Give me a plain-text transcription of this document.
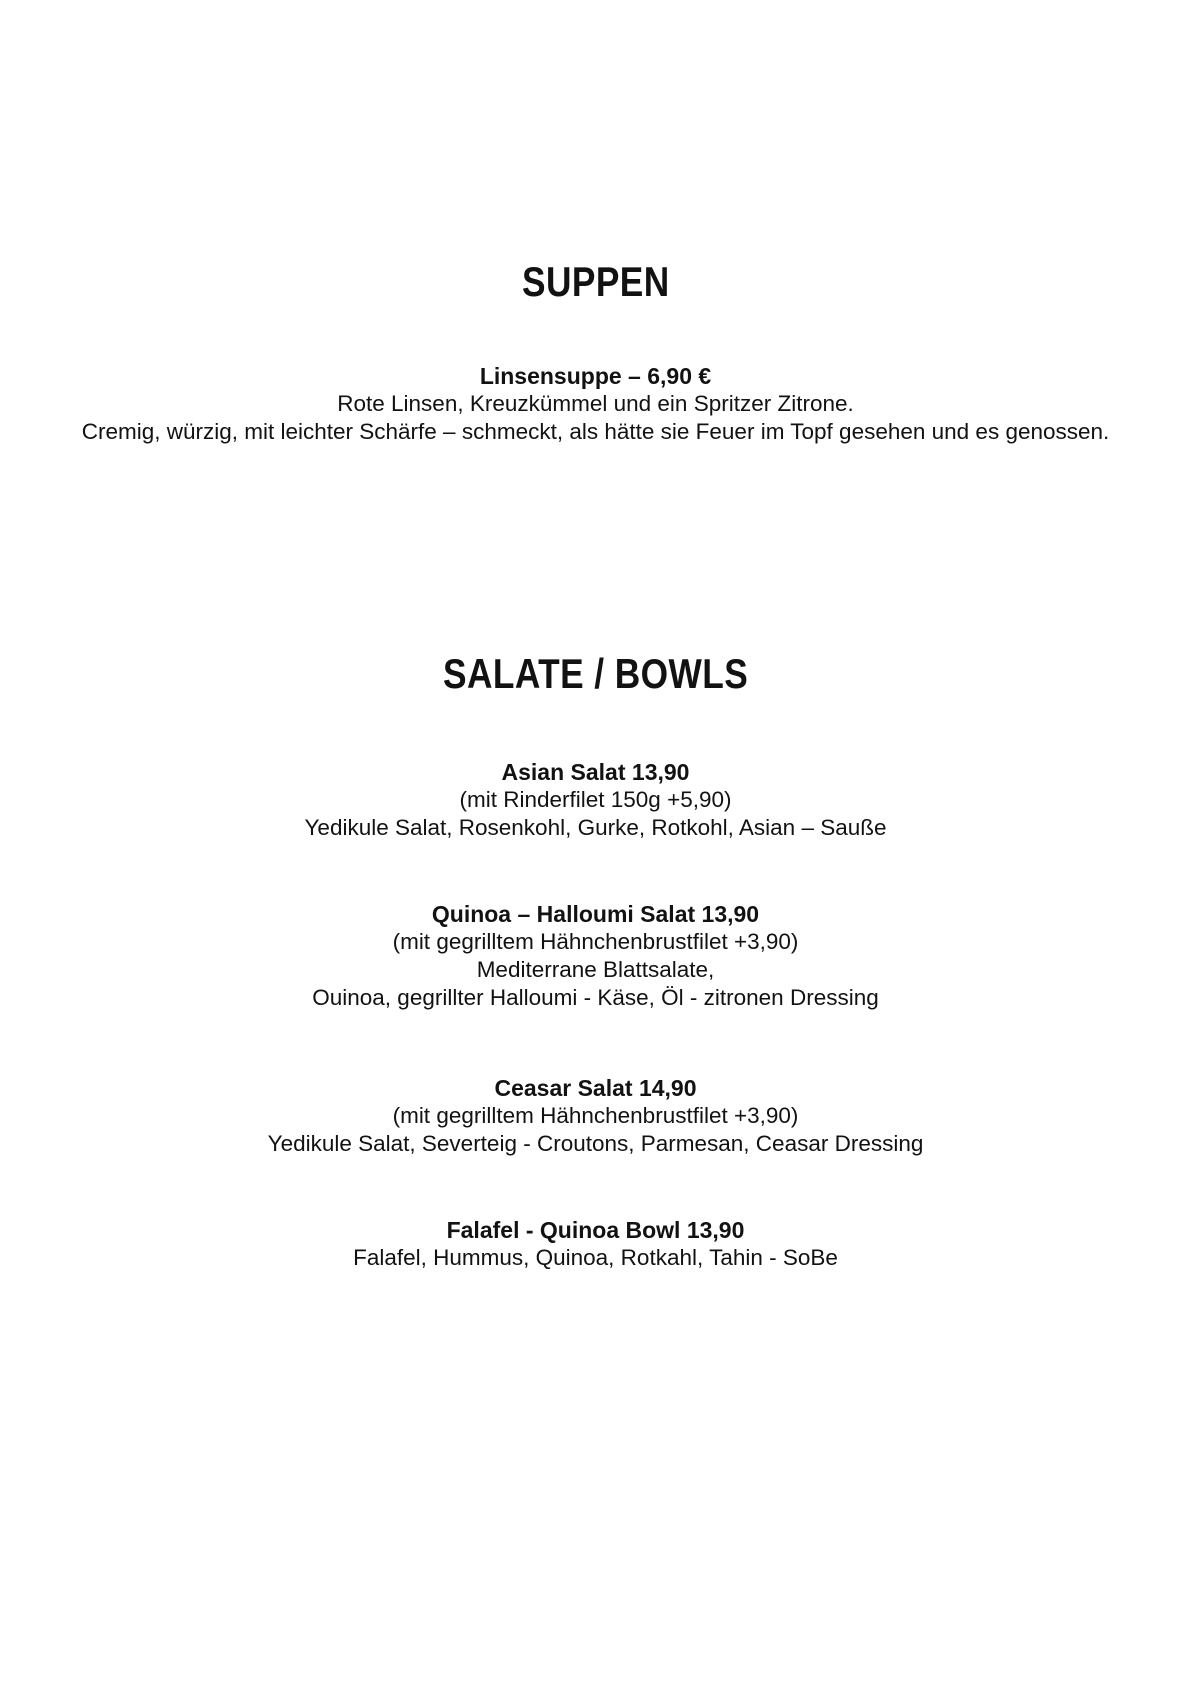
SUPPEN
Linsensuppe – 6,90 €

Rote Linsen, Kreuzkümmel und ein Spritzer Zitrone.

Cremig, würzig, mit leichter Schärfe – schmeckt, als hätte sie Feuer im Topf gesehen und es genossen.

SALATE / BOWLS
Asian Salat 13,90

(mit Rinderfilet 150g +5,90)

Yedikule Salat, Rosenkohl, Gurke, Rotkohl, Asian – Sauße

Quinoa – Halloumi Salat 13,90

(mit gegrilltem Hähnchenbrustfilet +3,90)

Mediterrane Blattsalate,

Ouinoa, gegrillter Halloumi - Käse, Öl - zitronen Dressing

Ceasar Salat 14,90

(mit gegrilltem Hähnchenbrustfilet +3,90)

Yedikule Salat, Severteig - Croutons, Parmesan, Ceasar Dressing

Falafel - Quinoa Bowl 13,90

Falafel, Hummus, Quinoa, Rotkahl, Tahin - SoBe
